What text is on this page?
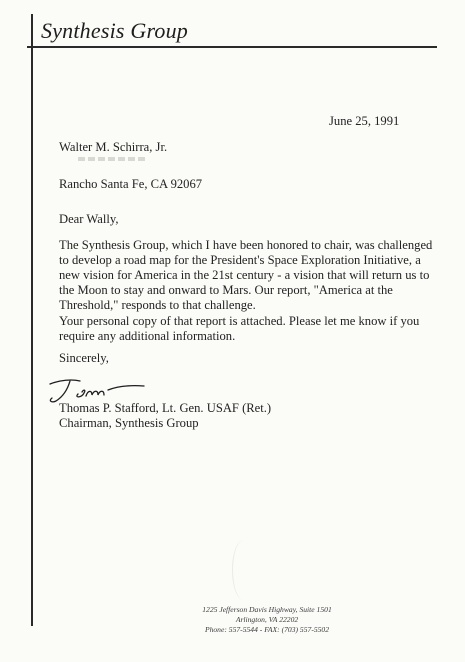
Synthesis Group
June 25, 1991
Walter M. Schirra, Jr.
Rancho Santa Fe, CA 92067
Dear Wally,
The Synthesis Group, which I have been honored to chair, was challenged
to develop a road map for the President's Space Exploration Initiative, a
new vision for America in the 21st century - a vision that will return us to
the Moon to stay and onward to Mars. Our report, "America at the
Threshold," responds to that challenge.
Your personal copy of that report is attached. Please let me know if you
require any additional information.
Sincerely,
Thomas P. Stafford, Lt. Gen. USAF (Ret.)
Chairman, Synthesis Group
1225 Jefferson Davis Highway, Suite 1501
Arlington, VA 22202
Phone: 557-5544 - FAX: (703) 557-5502
